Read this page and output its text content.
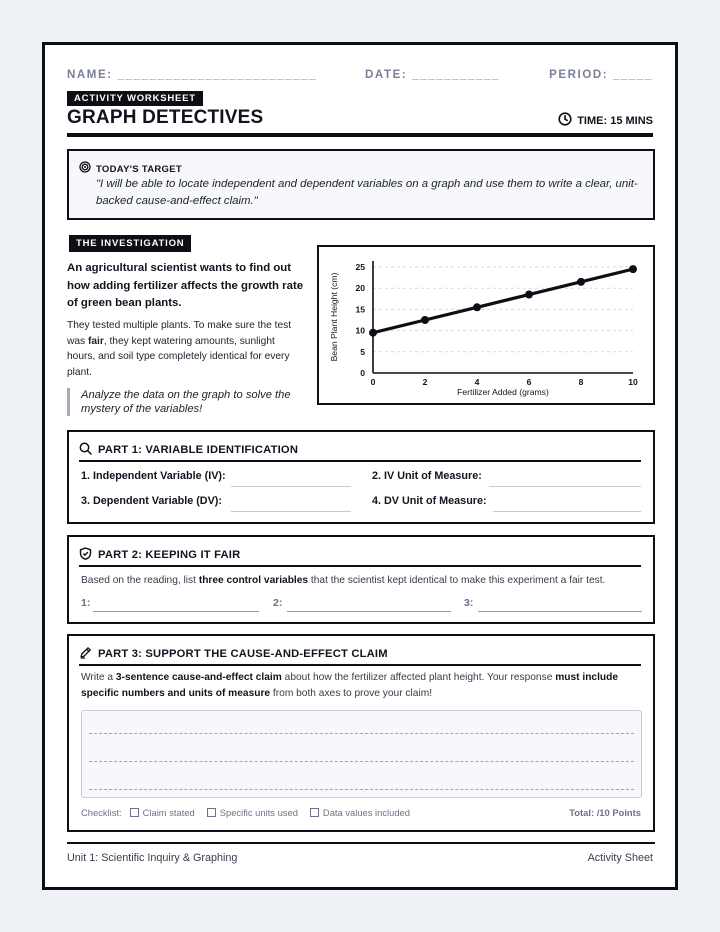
NAME: _________________________	DATE: ___________	PERIOD: _____
ACTIVITY WORKSHEET
GRAPH DETECTIVES	TIME: 15 MINS
TODAY'S TARGET
"I will be able to locate independent and dependent variables on a graph and use them to write a clear, unit-backed cause-and-effect claim."
THE INVESTIGATION
An agricultural scientist wants to find out how adding fertilizer affects the growth rate of green bean plants.
They tested multiple plants. To make sure the test was fair, they kept watering amounts, sunlight hours, and soil type completely identical for every plant.
Analyze the data on the graph to solve the mystery of the variables!
0	2	4	6	8	10
0
5
10
15
20
25
Fertilizer Added (grams)
Bean Plant Height (cm)
PART 1: VARIABLE IDENTIFICATION
1. Independent Variable (IV):	2. IV Unit of Measure:
3. Dependent Variable (DV):	4. DV Unit of Measure:
PART 2: KEEPING IT FAIR
Based on the reading, list three control variables that the scientist kept identical to make this experiment a fair test.
1:	2:	3:
PART 3: SUPPORT THE CAUSE-AND-EFFECT CLAIM
Write a 3-sentence cause-and-effect claim about how the fertilizer affected plant height. Your response must include specific numbers and units of measure from both axes to prove your claim!
Checklist: Claim stated	Specific units used	Data values included	Total: /10 Points
Unit 1: Scientific Inquiry & Graphing	Activity Sheet
